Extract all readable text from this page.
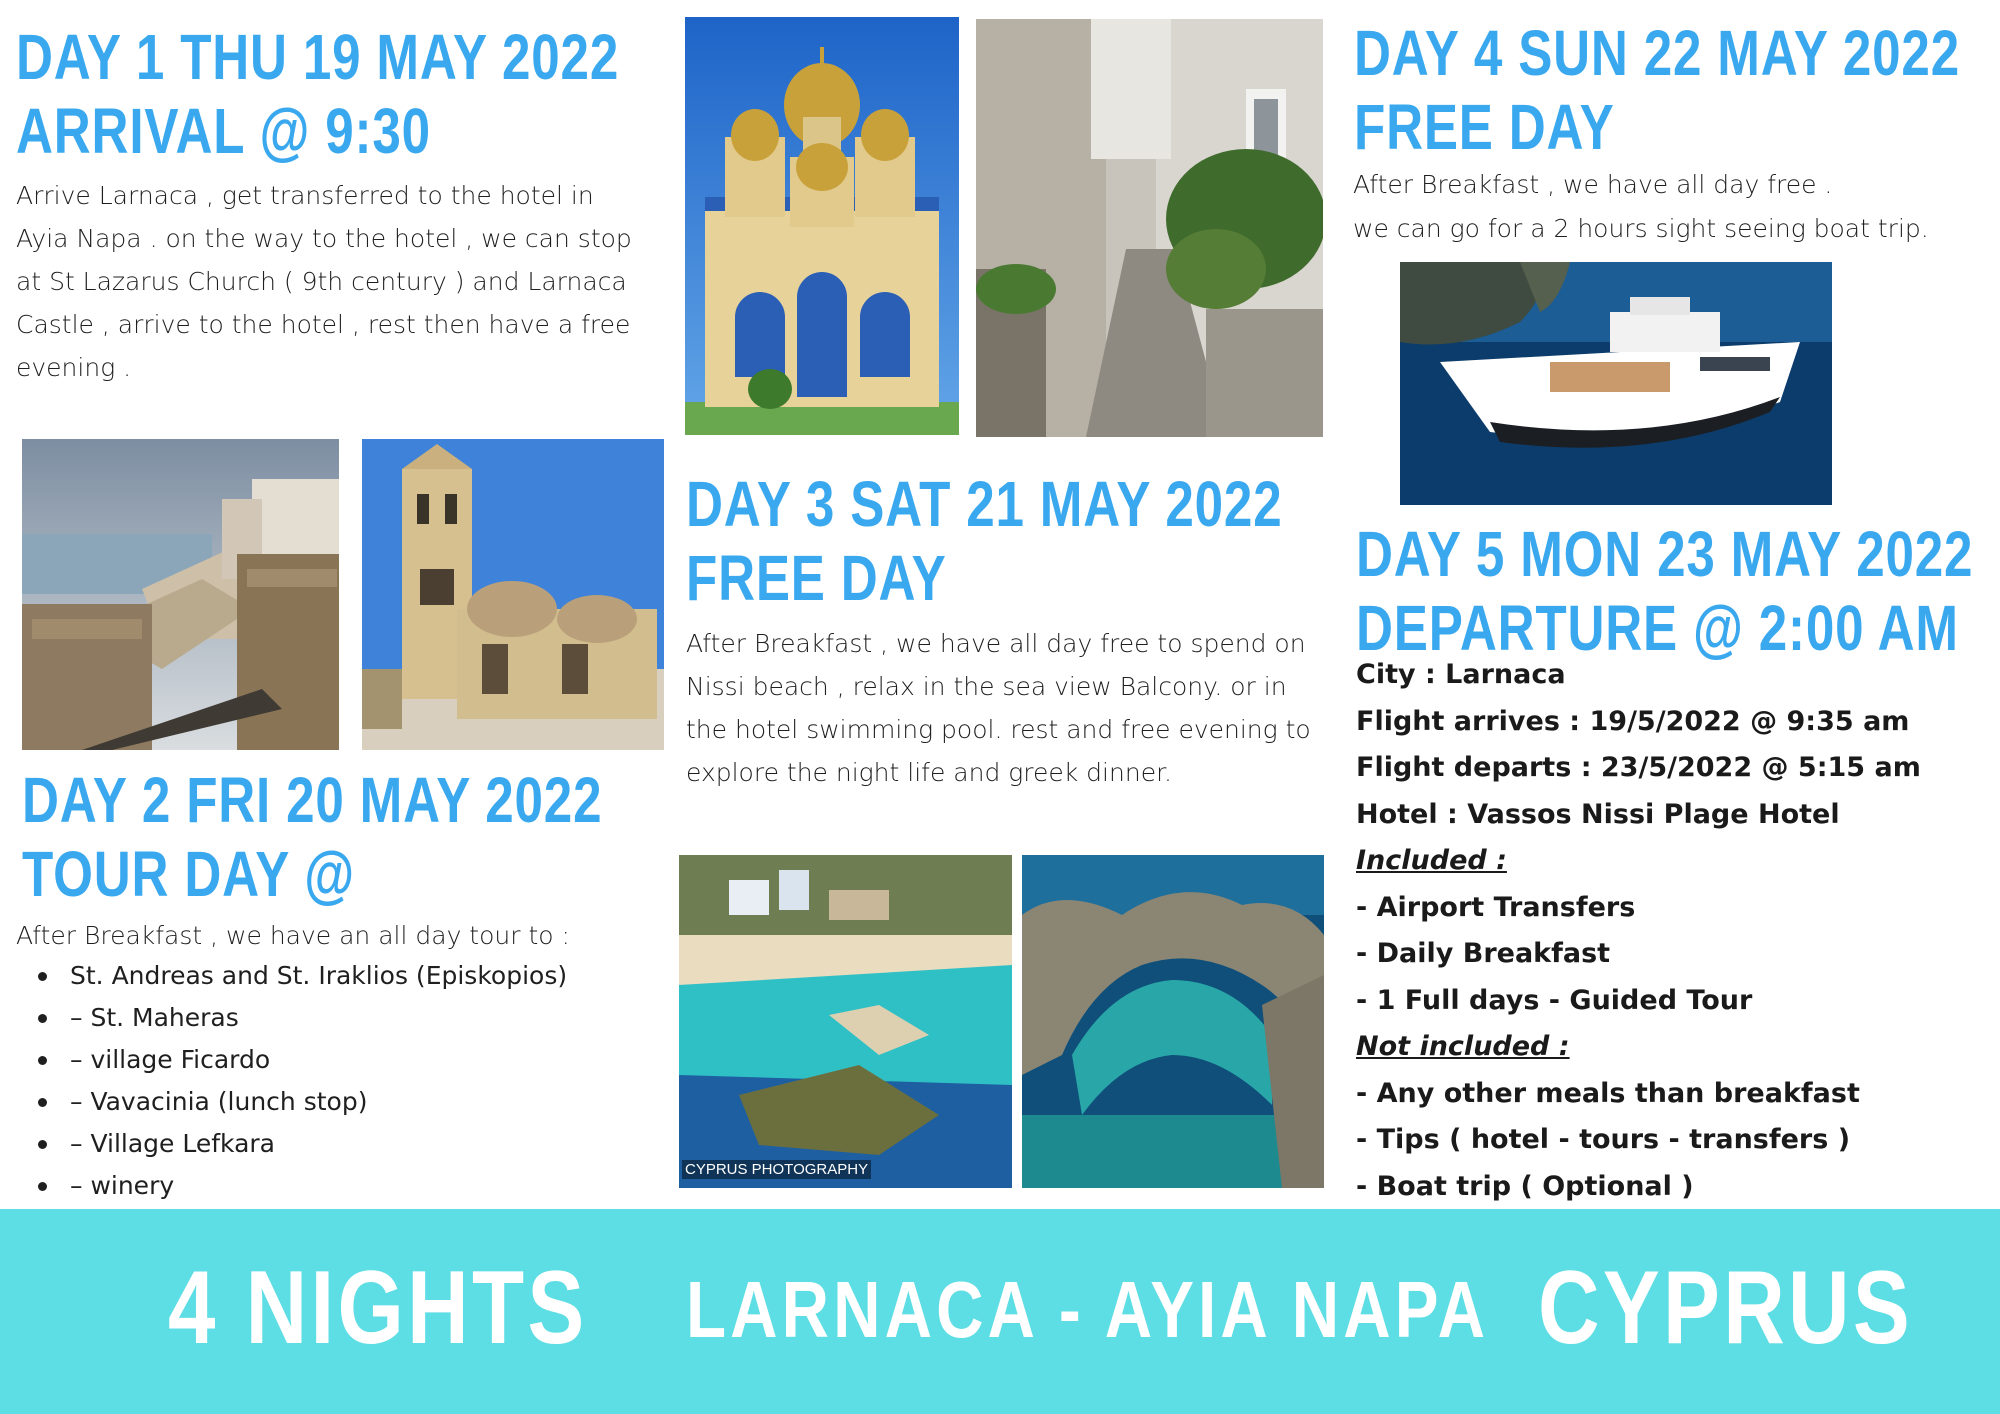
DAY 1 THU 19 MAY 2022
ARRIVAL @ 9:30
Arrive Larnaca , get transferred to the hotel in Ayia Napa . on the way to the hotel , we can stop at St Lazarus Church ( 9th century ) and Larnaca Castle , arrive to the hotel , rest then have a free evening .
DAY 2 FRI 20 MAY 2022
TOUR DAY @
After Breakfast , we have an all day tour to :
St. Andreas and St. Iraklios (Episkopios)
– St. Maheras
– village Ficardo
– Vavacinia (lunch stop)
– Village Lefkara
– winery
DAY 3 SAT 21 MAY 2022
FREE DAY
After Breakfast , we have all day free to spend on Nissi beach , relax in the sea view Balcony. or in the hotel swimming pool. rest and free evening to explore the night life and greek dinner.
CYPRUS PHOTOGRAPHY
DAY 4 SUN 22 MAY 2022
FREE DAY
After Breakfast , we have all day free .
we can go for a 2 hours sight seeing boat trip.
DAY 5 MON 23 MAY 2022
DEPARTURE @ 2:00 AM
City : Larnaca
Flight arrives : 19/5/2022 @ 9:35 am
Flight departs : 23/5/2022 @ 5:15 am
Hotel : Vassos Nissi Plage Hotel
Included :
- Airport Transfers
- Daily Breakfast
- 1 Full days - Guided Tour
Not included :
- Any other meals than breakfast
- Tips ( hotel - tours - transfers )
- Boat trip ( Optional )
4 NIGHTS LARNACA - AYIA NAPA CYPRUS
